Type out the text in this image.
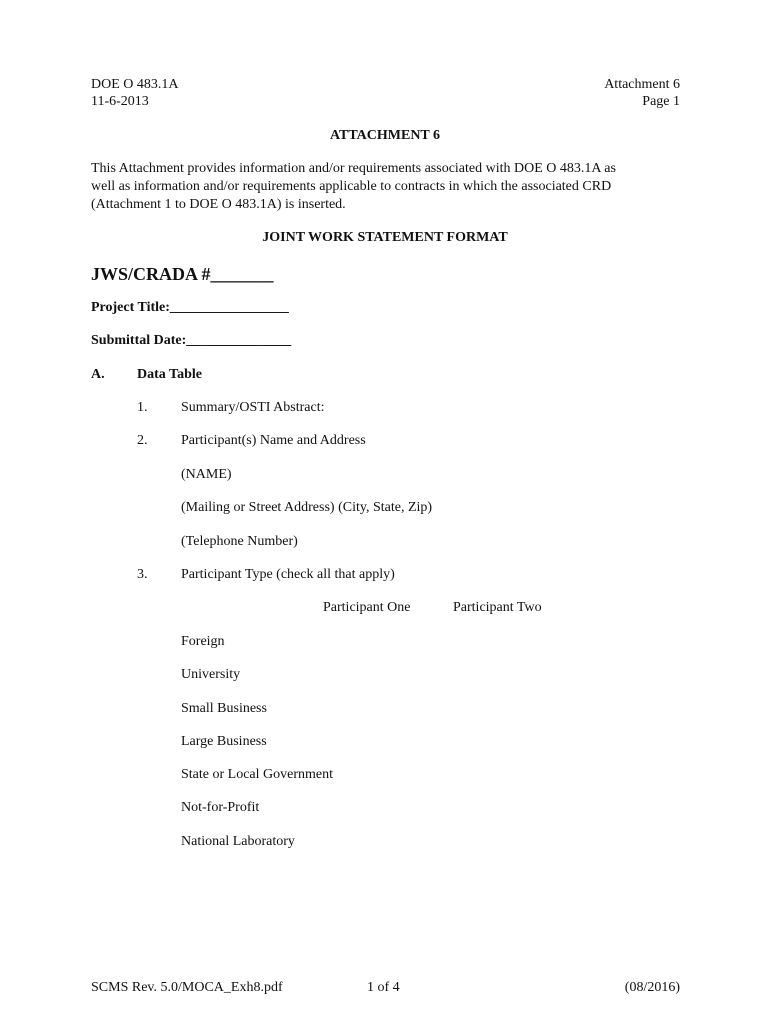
DOE O 483.1A
11-6-2013
Attachment 6
Page 1
ATTACHMENT 6
This Attachment provides information and/or requirements associated with DOE O 483.1A as
well as information and/or requirements applicable to contracts in which the associated CRD
(Attachment 1 to DOE O 483.1A) is inserted.
JOINT WORK STATEMENT FORMAT
JWS/CRADA #_______
Project Title:_________________
Submittal Date:_______________
A. Data Table
1. Summary/OSTI Abstract:
2. Participant(s) Name and Address
(NAME)
(Mailing or Street Address) (City, State, Zip)
(Telephone Number)
3. Participant Type (check all that apply)
Participant One	Participant Two
Foreign
University
Small Business
Large Business
State or Local Government
Not-for-Profit
National Laboratory
SCMS Rev. 5.0/MOCA_Exh8.pdf	1 of 4	(08/2016)
